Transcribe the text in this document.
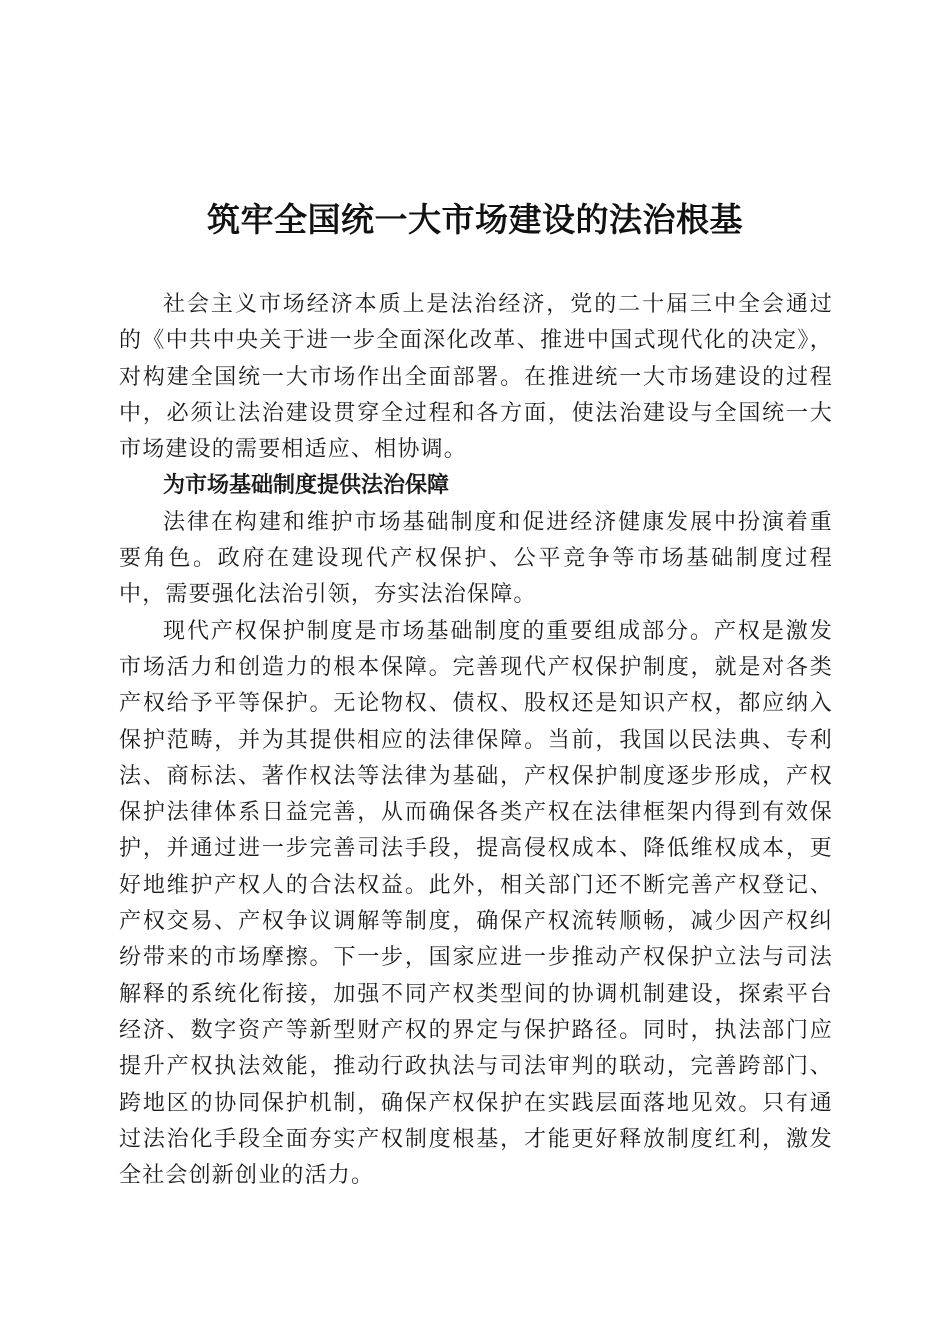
筑牢全国统一大市场建设的法治根基

社会主义市场经济本质上是法治经济，党的二十届三中全会通过的《中共中央关于进一步全面深化改革、推进中国式现代化的决定》，对构建全国统一大市场作出全面部署。在推进统一大市场建设的过程中，必须让法治建设贯穿全过程和各方面，使法治建设与全国统一大市场建设的需要相适应、相协调。

为市场基础制度提供法治保障

法律在构建和维护市场基础制度和促进经济健康发展中扮演着重要角色。政府在建设现代产权保护、公平竞争等市场基础制度过程中，需要强化法治引领，夯实法治保障。

现代产权保护制度是市场基础制度的重要组成部分。产权是激发市场活力和创造力的根本保障。完善现代产权保护制度，就是对各类产权给予平等保护。无论物权、债权、股权还是知识产权，都应纳入保护范畴，并为其提供相应的法律保障。当前，我国以民法典、专利法、商标法、著作权法等法律为基础，产权保护制度逐步形成，产权保护法律体系日益完善，从而确保各类产权在法律框架内得到有效保护，并通过进一步完善司法手段，提高侵权成本、降低维权成本，更好地维护产权人的合法权益。此外，相关部门还不断完善产权登记、产权交易、产权争议调解等制度，确保产权流转顺畅，减少因产权纠纷带来的市场摩擦。下一步，国家应进一步推动产权保护立法与司法解释的系统化衔接，加强不同产权类型间的协调机制建设，探索平台经济、数字资产等新型财产权的界定与保护路径。同时，执法部门应提升产权执法效能，推动行政执法与司法审判的联动，完善跨部门、跨地区的协同保护机制，确保产权保护在实践层面落地见效。只有通过法治化手段全面夯实产权制度根基，才能更好释放制度红利，激发全社会创新创业的活力。
